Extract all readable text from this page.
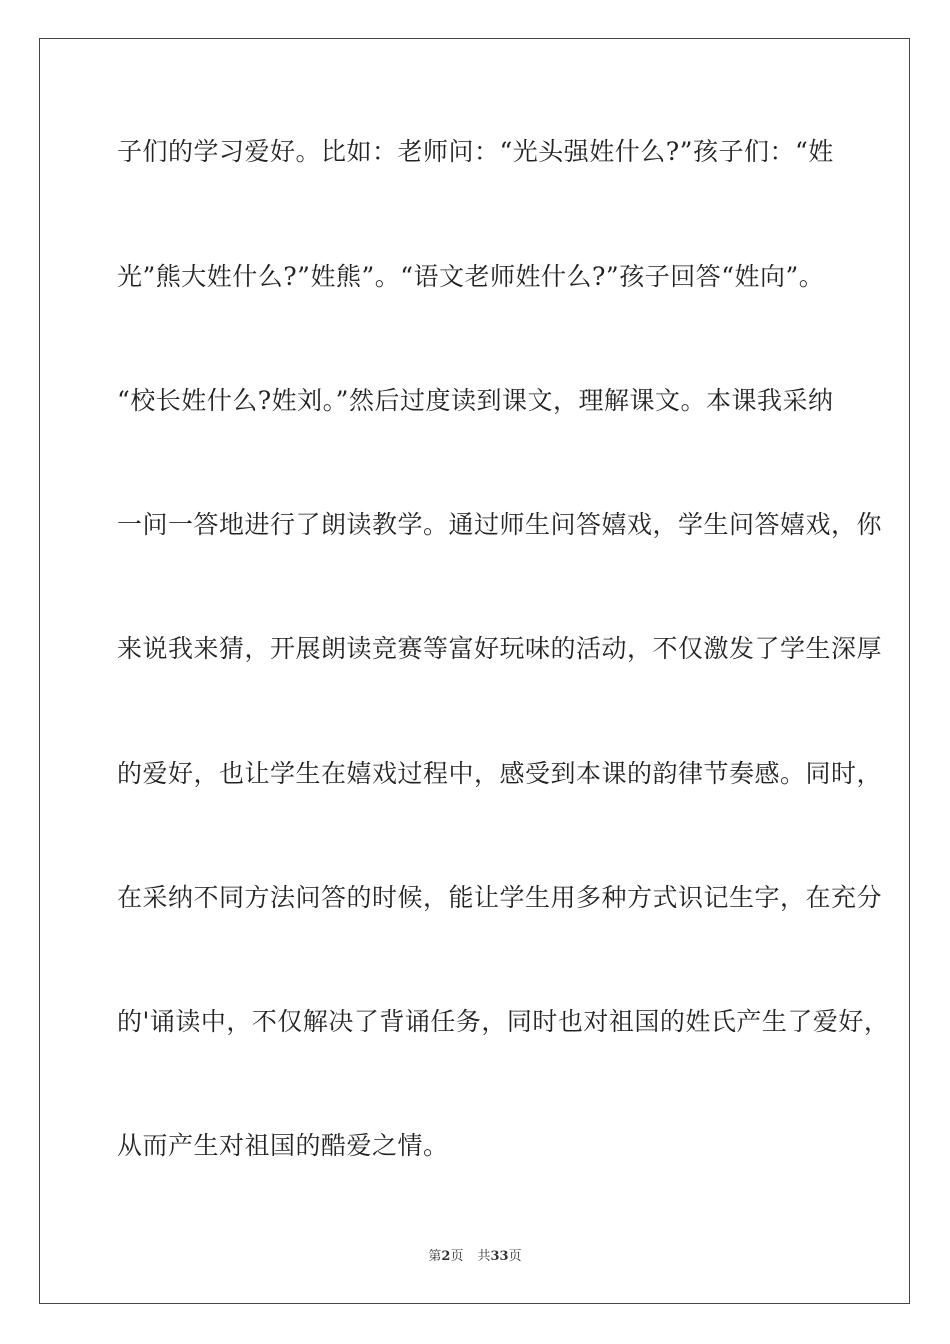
子们的学习爱好。比如：老师问：“光头强姓什么?”孩子们：“姓
光”熊大姓什么?”姓熊”。“语文老师姓什么?”孩子回答“姓向”。
“校长姓什么?姓刘。”然后过度读到课文，理解课文。本课我采纳
一问一答地进行了朗读教学。通过师生问答嬉戏，学生问答嬉戏，你
来说我来猜，开展朗读竞赛等富好玩味的活动，不仅激发了学生深厚
的爱好，也让学生在嬉戏过程中，感受到本课的韵律节奏感。同时，
在采纳不同方法问答的时候，能让学生用多种方式识记生字，在充分
的'诵读中，不仅解决了背诵任务，同时也对祖国的姓氏产生了爱好，
从而产生对祖国的酷爱之情。
第2页 共33页
